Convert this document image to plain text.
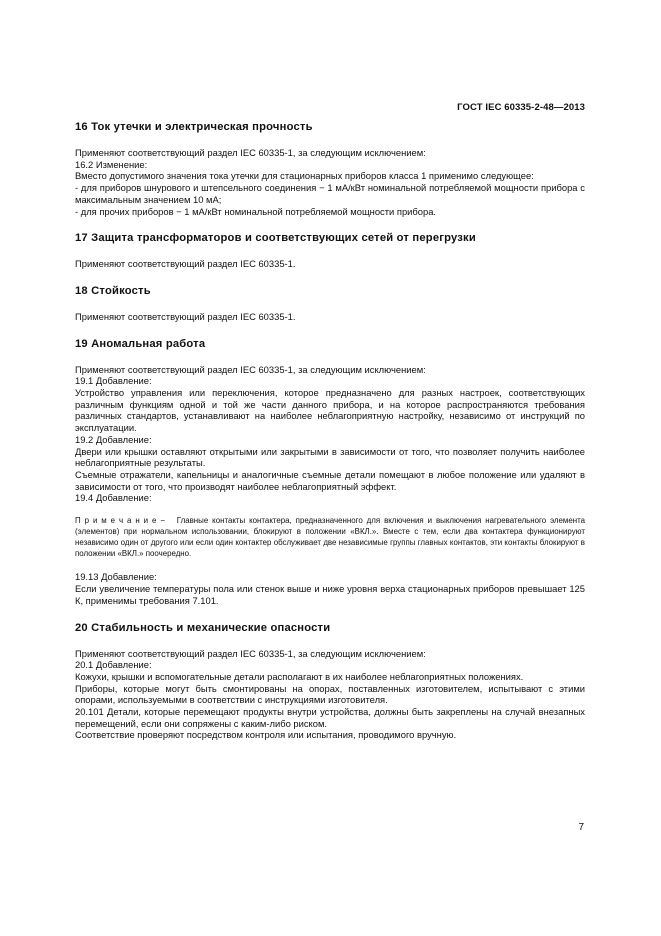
ГОСТ IEC 60335-2-48—2013
16 Ток утечки и электрическая прочность

Применяют соответствующий раздел IEC 60335-1, за следующим исключением:

16.2 Изменение:

Вместо допустимого значения тока утечки для стационарных приборов класса 1 применимо следующее:

- для приборов шнурового и штепсельного соединения − 1 мА/кВт номинальной потребляемой мощности прибора с максимальным значением 10 мА;

- для прочих приборов − 1 мА/кВт номинальной потребляемой мощности прибора.

17 Защита трансформаторов и соответствующих сетей от перегрузки

Применяют соответствующий раздел IEC 60335-1.

18 Стойкость

Применяют соответствующий раздел IEC 60335-1.

19 Аномальная работа

Применяют соответствующий раздел IEC 60335-1, за следующим исключением:

19.1 Добавление:

Устройство управления или переключения, которое предназначено для разных настроек, соответствующих различным функциям одной и той же части данного прибора, и на которое распространяются требования различных стандартов, устанавливают на наиболее неблагоприятную настройку, независимо от инструкций по эксплуатации.

19.2 Добавление:

Двери или крышки оставляют открытыми или закрытыми в зависимости от того, что позволяет получить наиболее неблагоприятные результаты.

Съемные отражатели, капельницы и аналогичные съемные детали помещают в любое положение или удаляют в зависимости от того, что производят наиболее неблагоприятный эффект.

19.4 Добавление:

П р и м е ч а н и е − Главные контакты контактера, предназначенного для включения и выключения нагревательного элемента (элементов) при нормальном использовании, блокируют в положении «ВКЛ.». Вместе с тем, если два контактера функционируют независимо один от другого или если один контактер обслуживает две независимые группы главных контактов, эти контакты блокируют в положении «ВКЛ.» поочередно.

19.13 Добавление:

Если увеличение температуры пола или стенок выше и ниже уровня верха стационарных приборов превышает 125 К, применимы требования 7.101.

20 Стабильность и механические опасности

Применяют соответствующий раздел IEC 60335-1, за следующим исключением:

20.1 Добавление:

Кожухи, крышки и вспомогательные детали располагают в их наиболее неблагоприятных положениях.

Приборы, которые могут быть смонтированы на опорах, поставленных изготовителем, испытывают с этими опорами, используемыми в соответствии с инструкциями изготовителя.

20.101 Детали, которые перемещают продукты внутри устройства, должны быть закреплены на случай внезапных перемещений, если они сопряжены с каким-либо риском.

Соответствие проверяют посредством контроля или испытания, проводимого вручную.

7
